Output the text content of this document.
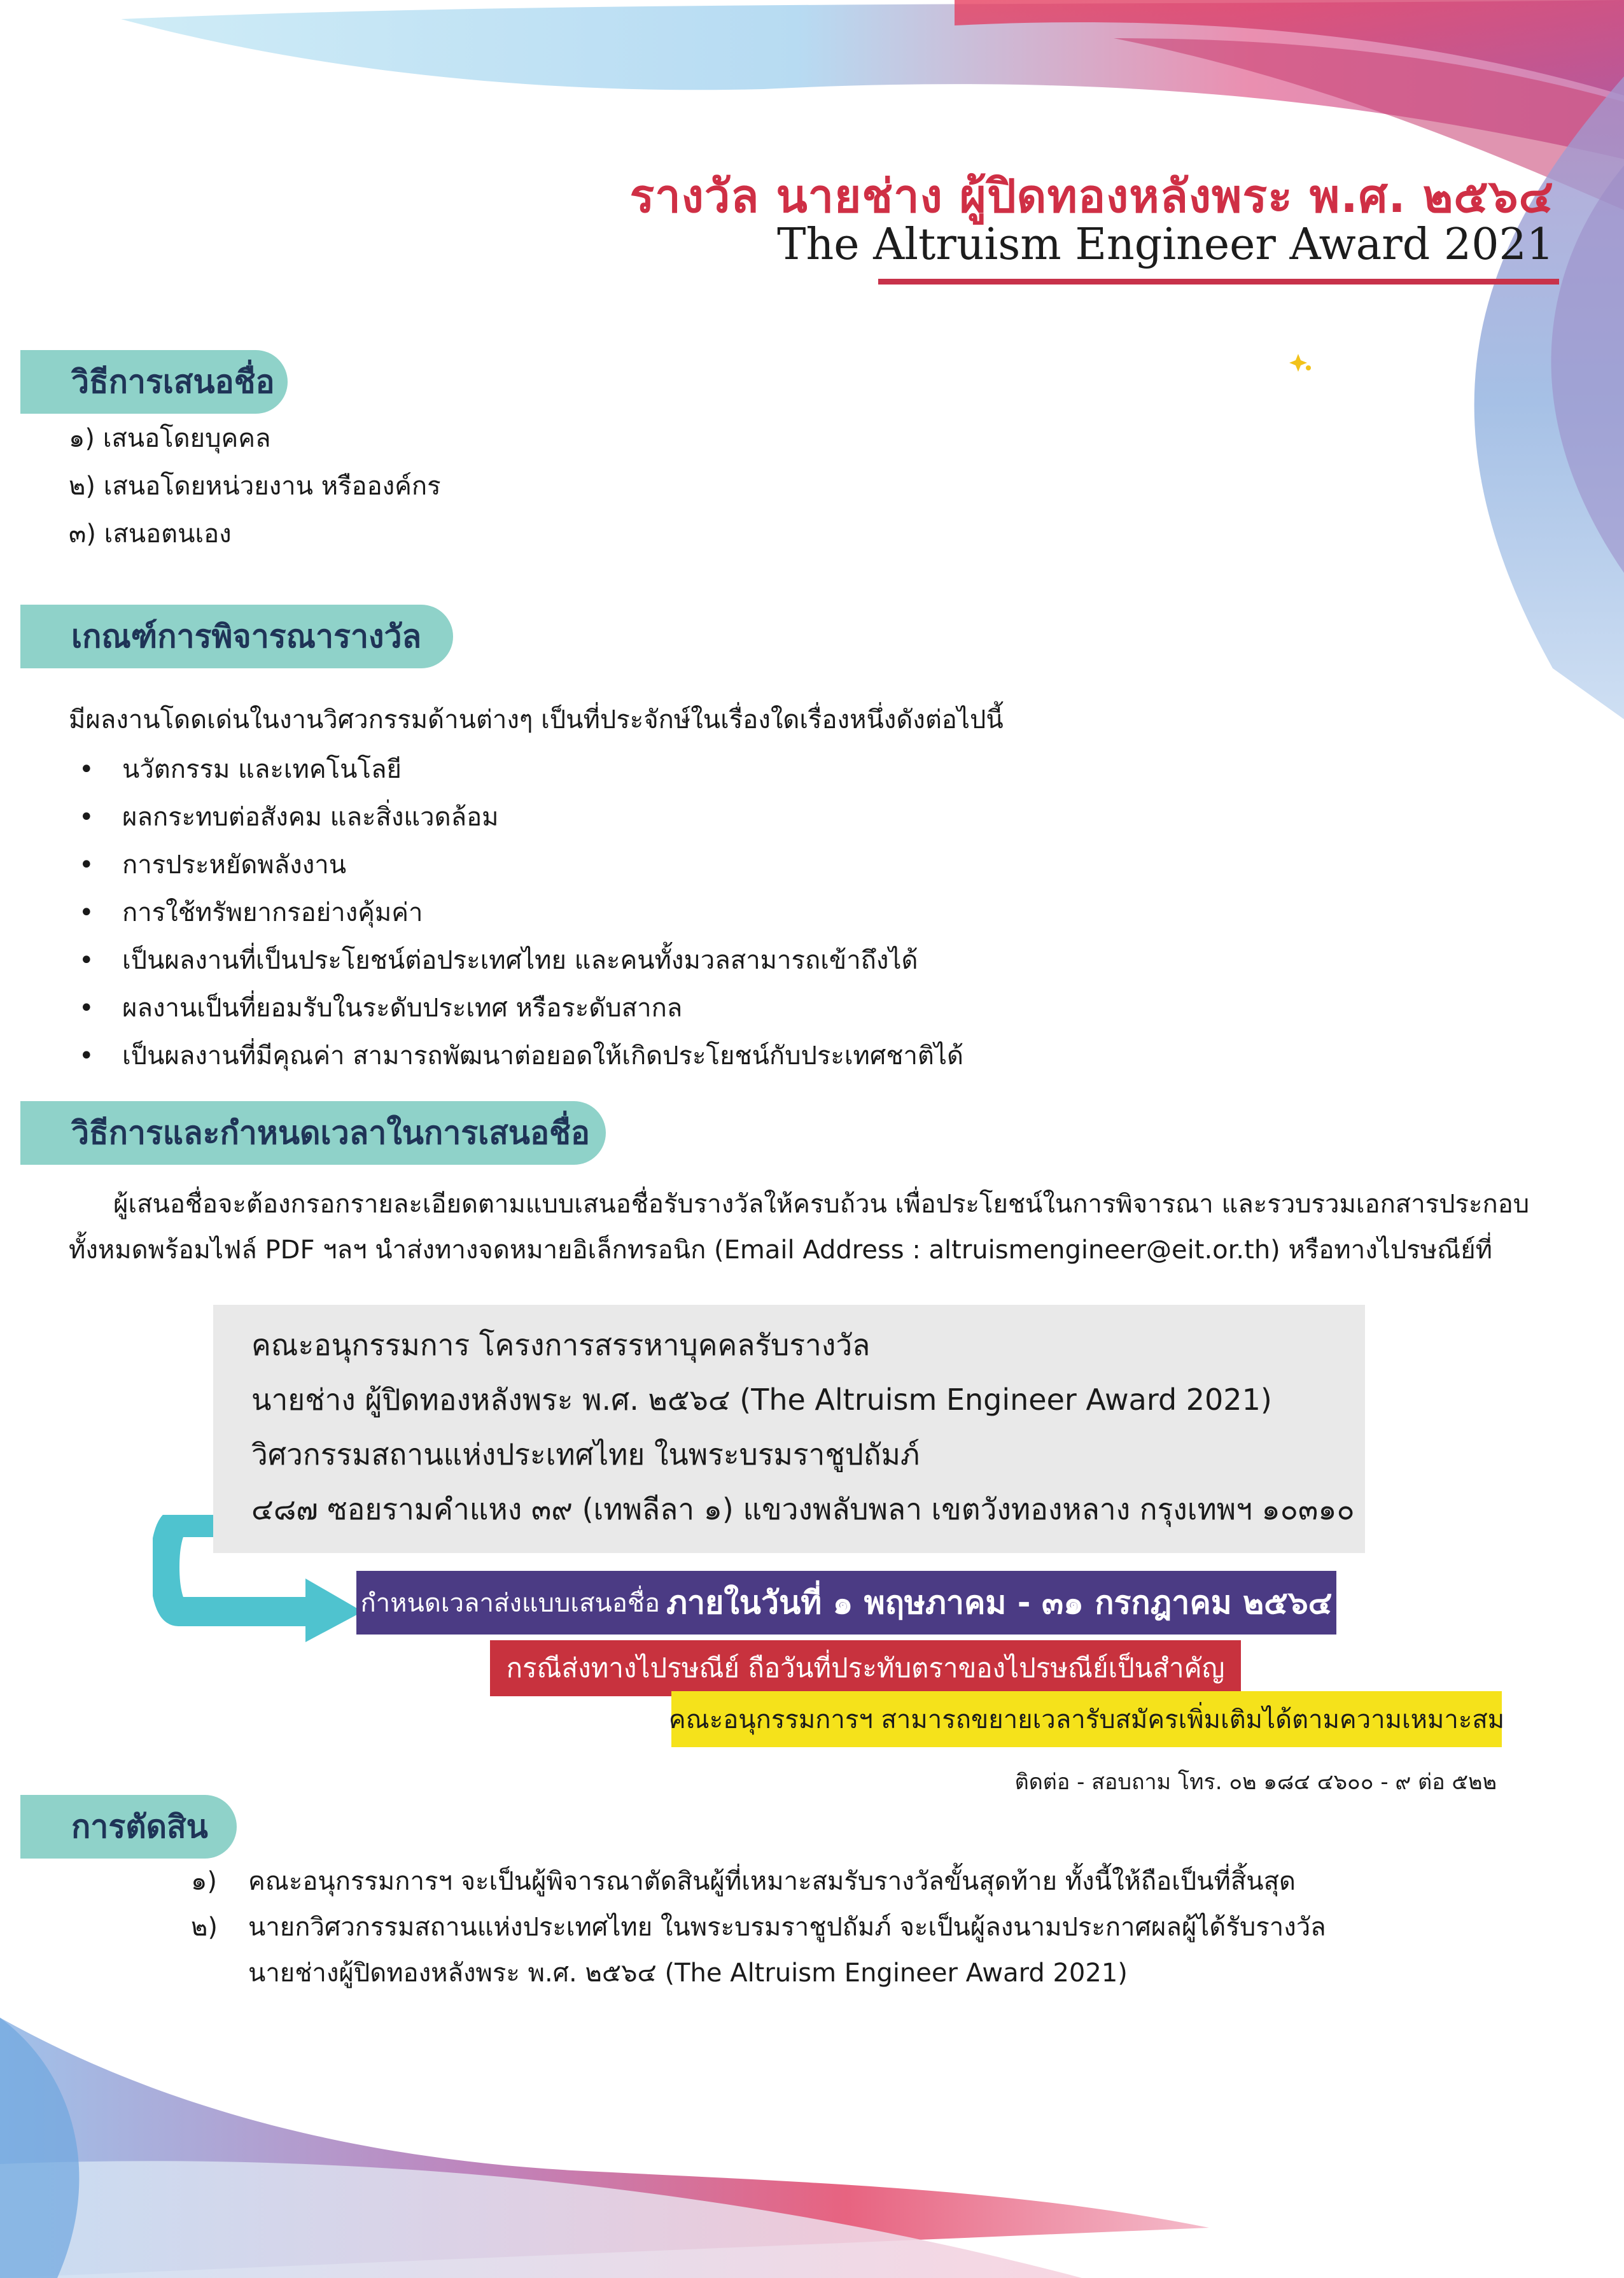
รางวัล นายช่าง ผู้ปิดทองหลังพระ พ.ศ. ๒๕๖๔
The Altruism Engineer Award 2021
วิธีการเสนอชื่อ
๑) เสนอโดยบุคคล
๒) เสนอโดยหน่วยงาน หรือองค์กร
๓) เสนอตนเอง
เกณฑ์การพิจารณารางวัล
มีผลงานโดดเด่นในงานวิศวกรรมด้านต่างๆ เป็นที่ประจักษ์ในเรื่องใดเรื่องหนึ่งดังต่อไปนี้
• นวัตกรรม และเทคโนโลยี
• ผลกระทบต่อสังคม และสิ่งแวดล้อม
• การประหยัดพลังงาน
• การใช้ทรัพยากรอย่างคุ้มค่า
• เป็นผลงานที่เป็นประโยชน์ต่อประเทศไทย และคนทั้งมวลสามารถเข้าถึงได้
• ผลงานเป็นที่ยอมรับในระดับประเทศ หรือระดับสากล
• เป็นผลงานที่มีคุณค่า สามารถพัฒนาต่อยอดให้เกิดประโยชน์กับประเทศชาติได้
วิธีการและกำหนดเวลาในการเสนอชื่อ
ผู้เสนอชื่อจะต้องกรอกรายละเอียดตามแบบเสนอชื่อรับรางวัลให้ครบถ้วน เพื่อประโยชน์ในการพิจารณา และรวบรวมเอกสารประกอบ
ทั้งหมดพร้อมไฟล์ PDF ฯลฯ นำส่งทางจดหมายอิเล็กทรอนิก (Email Address : altruismengineer@eit.or.th) หรือทางไปรษณีย์ที่
คณะอนุกรรมการ โครงการสรรหาบุคคลรับรางวัล
นายช่าง ผู้ปิดทองหลังพระ พ.ศ. ๒๕๖๔ (The Altruism Engineer Award 2021)
วิศวกรรมสถานแห่งประเทศไทย ในพระบรมราชูปถัมภ์
๔๘๗ ซอยรามคำแหง ๓๙ (เทพลีลา ๑) แขวงพลับพลา เขตวังทองหลาง กรุงเทพฯ ๑๐๓๑๐
กำหนดเวลาส่งแบบเสนอชื่อ ภายในวันที่ ๑ พฤษภาคม - ๓๑ กรกฎาคม ๒๕๖๔
กรณีส่งทางไปรษณีย์ ถือวันที่ประทับตราของไปรษณีย์เป็นสำคัญ
คณะอนุกรรมการฯ สามารถขยายเวลารับสมัครเพิ่มเติมได้ตามความเหมาะสม
ติดต่อ - สอบถาม โทร. ๐๒ ๑๘๔ ๔๖๐๐ - ๙ ต่อ ๕๒๒
การตัดสิน
๑) คณะอนุกรรมการฯ จะเป็นผู้พิจารณาตัดสินผู้ที่เหมาะสมรับรางวัลขั้นสุดท้าย ทั้งนี้ให้ถือเป็นที่สิ้นสุด
๒) นายกวิศวกรรมสถานแห่งประเทศไทย ในพระบรมราชูปถัมภ์ จะเป็นผู้ลงนามประกาศผลผู้ได้รับรางวัล
นายช่างผู้ปิดทองหลังพระ พ.ศ. ๒๕๖๔ (The Altruism Engineer Award 2021)
